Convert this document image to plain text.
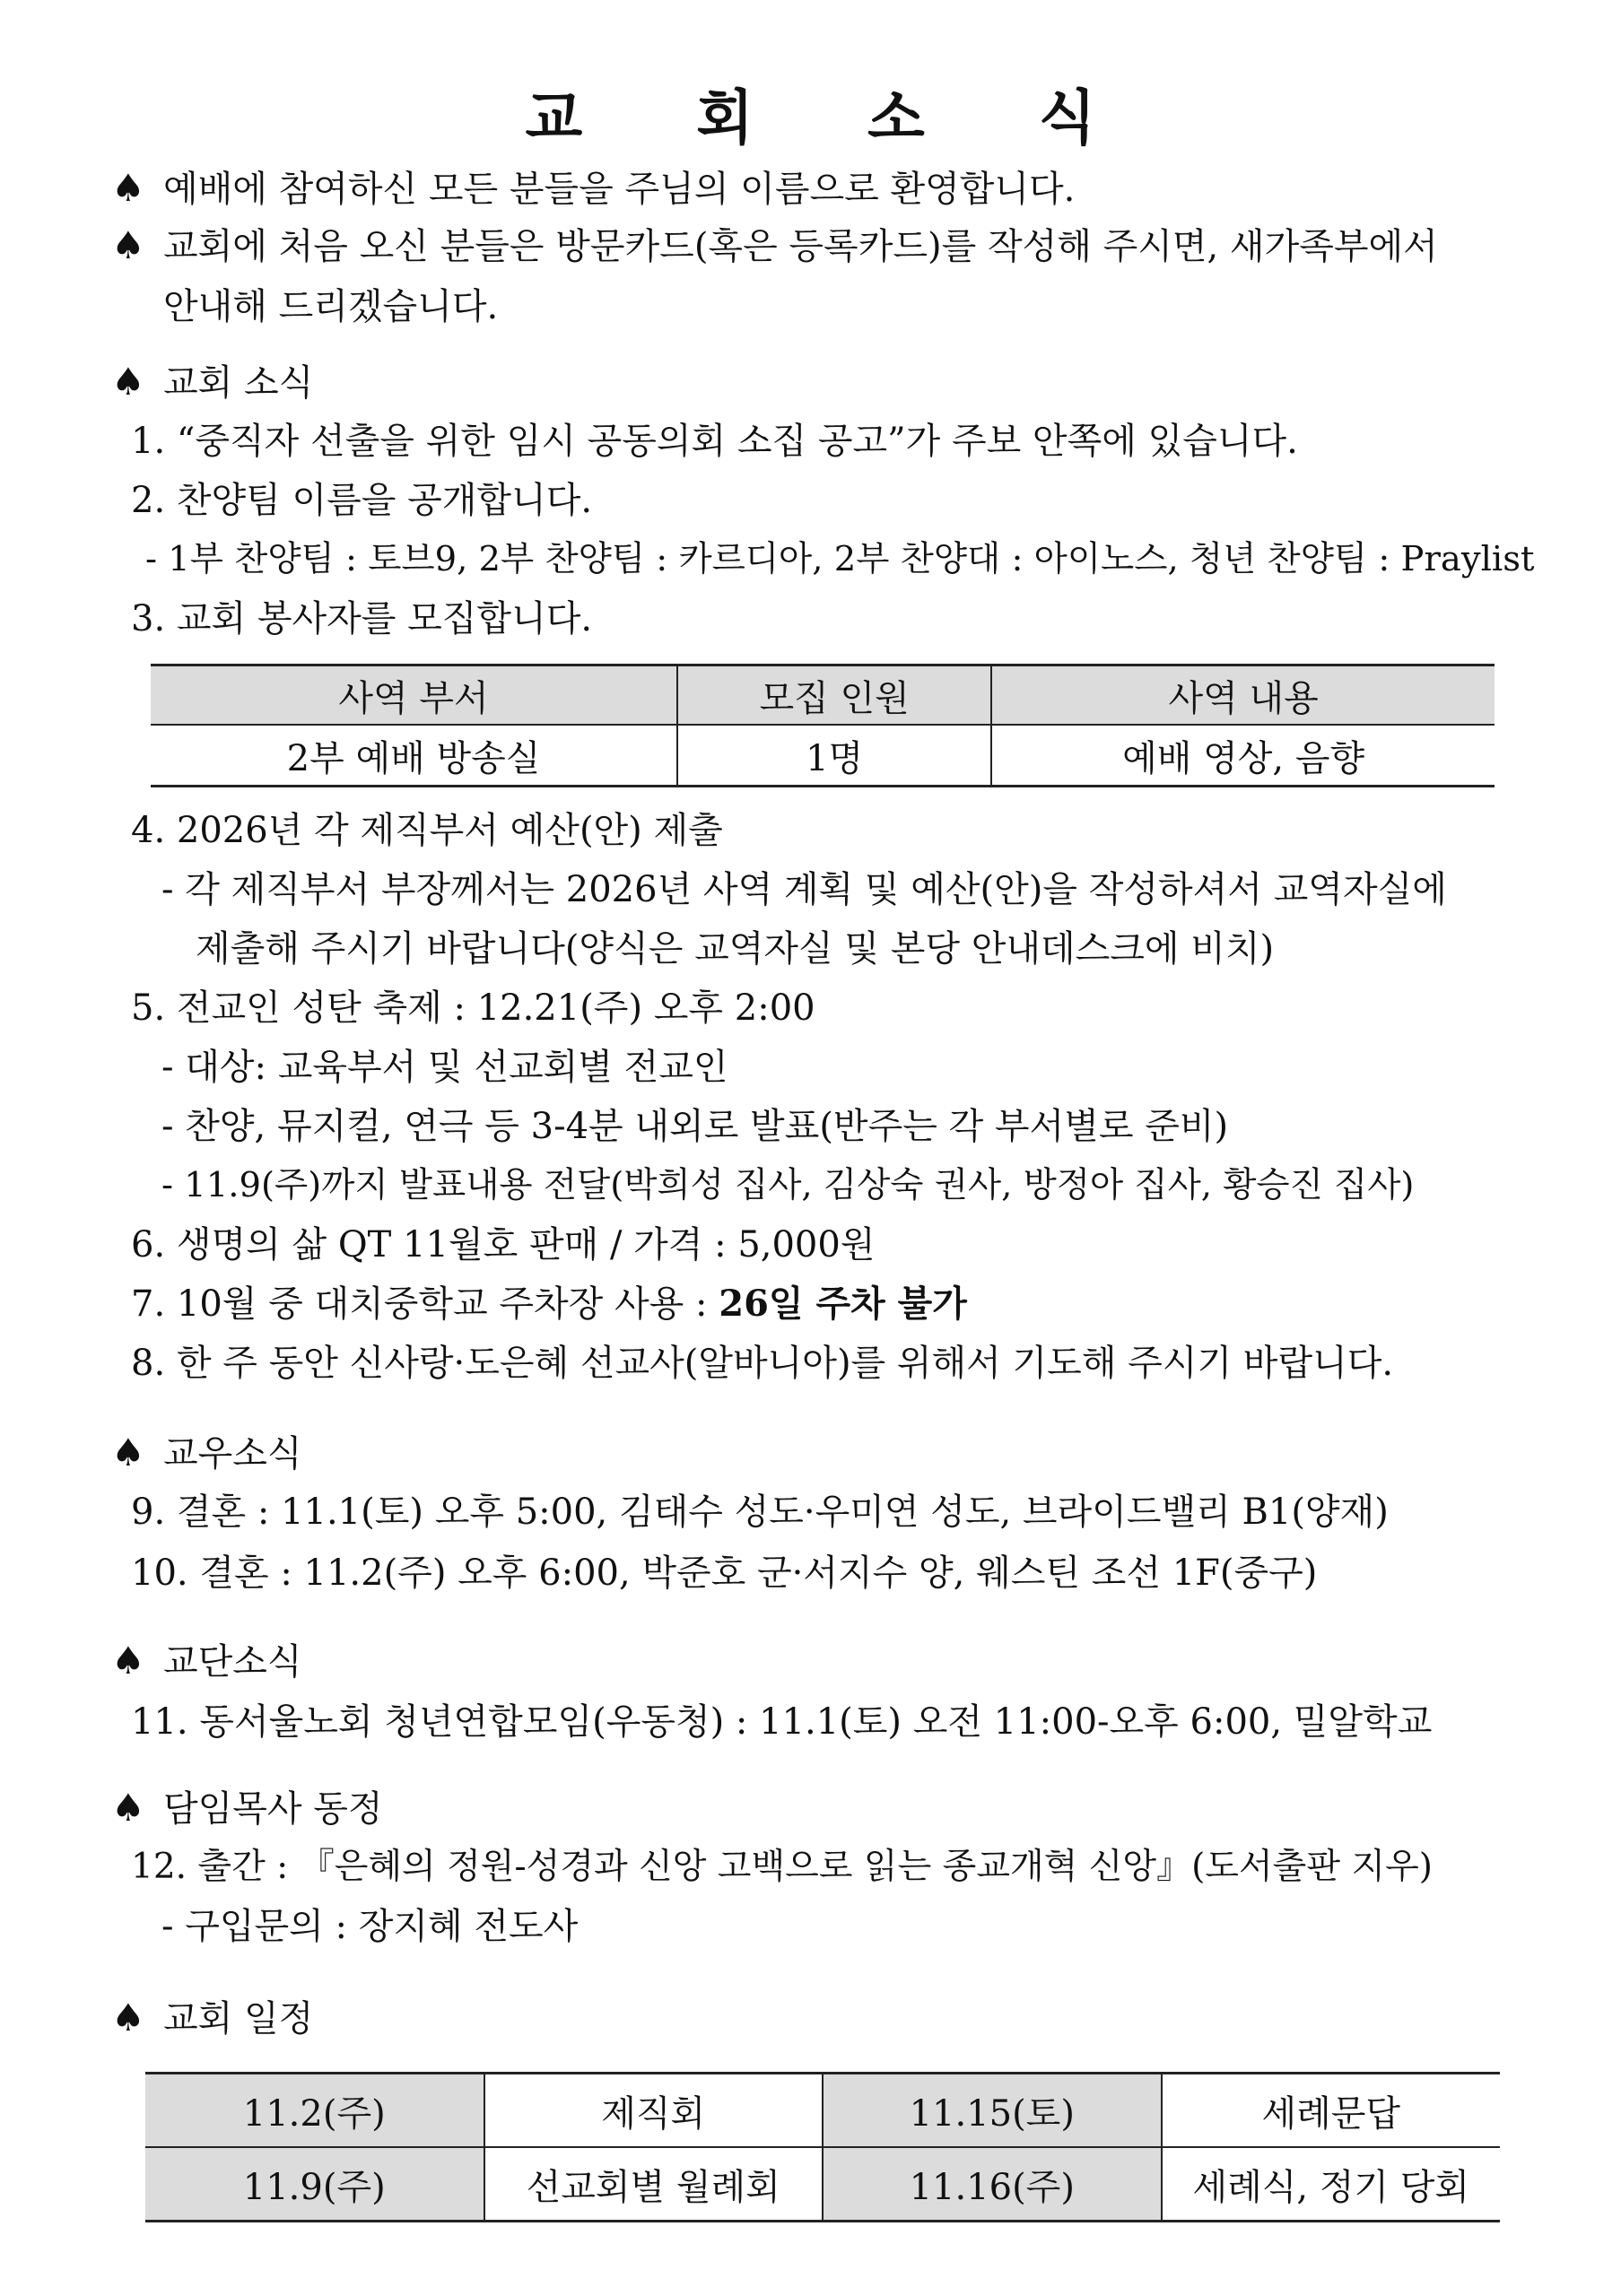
교 회 소 식
♠ 예배에 참여하신 모든 분들을 주님의 이름으로 환영합니다.
♠ 교회에 처음 오신 분들은 방문카드(혹은 등록카드)를 작성해 주시면, 새가족부에서
안내해 드리겠습니다.
♠ 교회 소식
1. “중직자 선출을 위한 임시 공동의회 소집 공고”가 주보 안쪽에 있습니다.
2. 찬양팀 이름을 공개합니다.
- 1부 찬양팀 : 토브9, 2부 찬양팀 : 카르디아, 2부 찬양대 : 아이노스, 청년 찬양팀 : Praylist
3. 교회 봉사자를 모집합니다.
사역 부서	모집 인원	사역 내용
2부 예배 방송실	1명	예배 영상, 음향
4. 2026년 각 제직부서 예산(안) 제출
- 각 제직부서 부장께서는 2026년 사역 계획 및 예산(안)을 작성하셔서 교역자실에
제출해 주시기 바랍니다(양식은 교역자실 및 본당 안내데스크에 비치)
5. 전교인 성탄 축제 : 12.21(주) 오후 2:00
- 대상: 교육부서 및 선교회별 전교인
- 찬양, 뮤지컬, 연극 등 3-4분 내외로 발표(반주는 각 부서별로 준비)
- 11.9(주)까지 발표내용 전달(박희성 집사, 김상숙 권사, 방정아 집사, 황승진 집사)
6. 생명의 삶 QT 11월호 판매 / 가격 : 5,000원
7. 10월 중 대치중학교 주차장 사용 : 26일 주차 불가
8. 한 주 동안 신사랑·도은혜 선교사(알바니아)를 위해서 기도해 주시기 바랍니다.
♠ 교우소식
9. 결혼 : 11.1(토) 오후 5:00, 김태수 성도·우미연 성도, 브라이드밸리 B1(양재)
10. 결혼 : 11.2(주) 오후 6:00, 박준호 군·서지수 양, 웨스틴 조선 1F(중구)
♠ 교단소식
11. 동서울노회 청년연합모임(우동청) : 11.1(토) 오전 11:00-오후 6:00, 밀알학교
♠ 담임목사 동정
12. 출간 : 『은혜의 정원-성경과 신앙 고백으로 읽는 종교개혁 신앙』(도서출판 지우)
- 구입문의 : 장지혜 전도사
♠ 교회 일정
11.2(주)	제직회	11.15(토)	세례문답
11.9(주)	선교회별 월례회	11.16(주)	세례식, 정기 당회
